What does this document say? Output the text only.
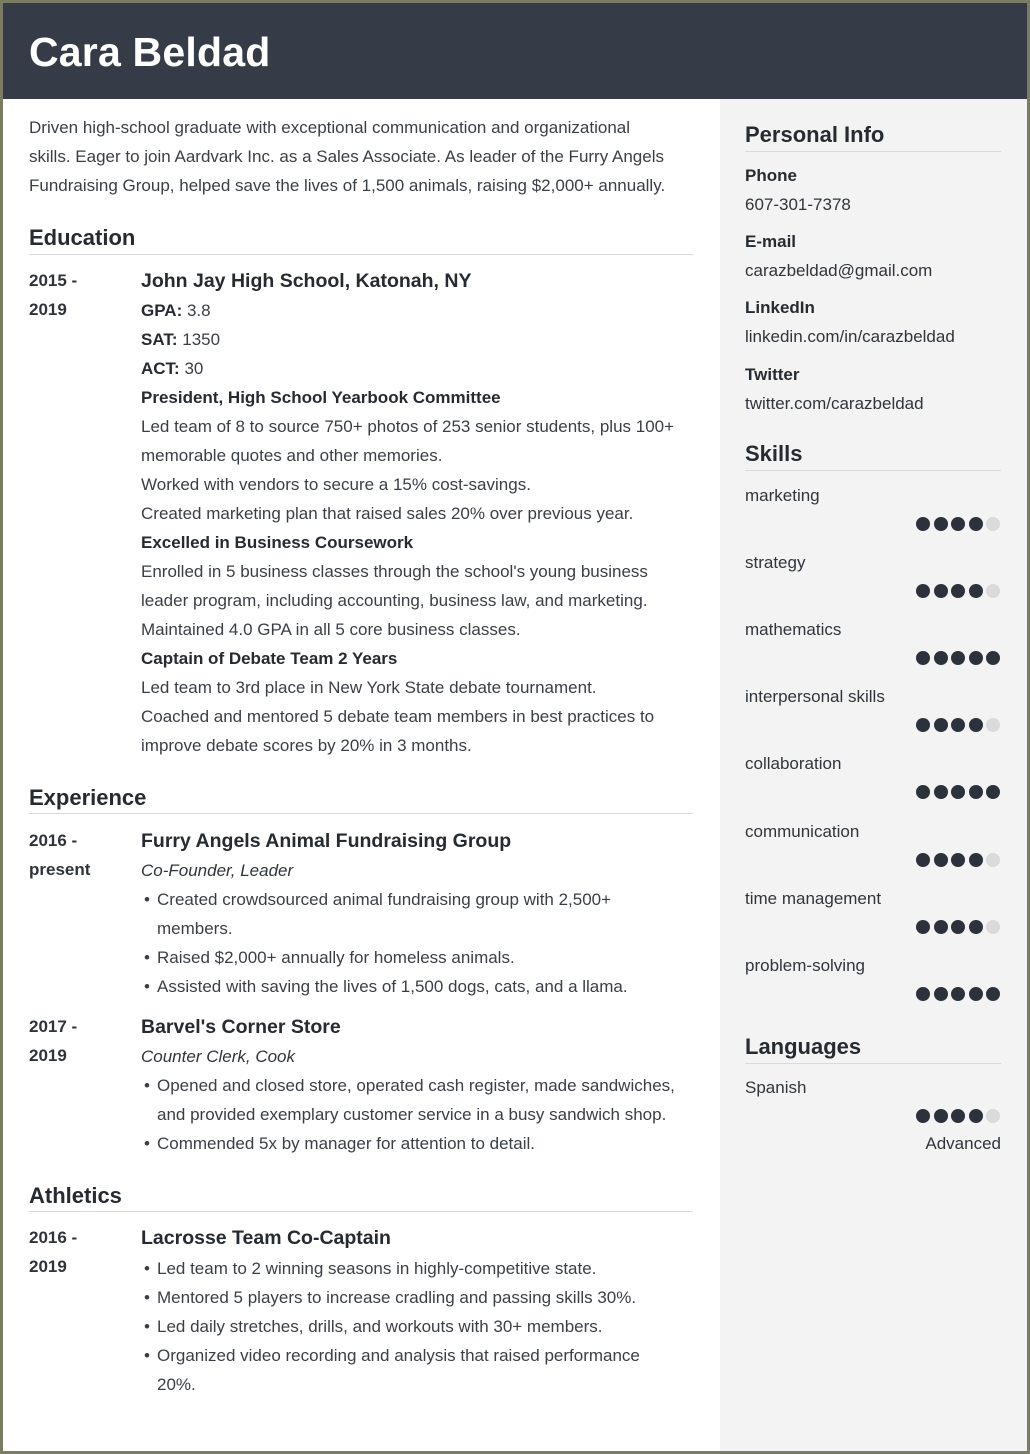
Cara Beldad
Driven high-school graduate with exceptional communication and organizational
skills. Eager to join Aardvark Inc. as a Sales Associate. As leader of the Furry Angels
Fundraising Group, helped save the lives of 1,500 animals, raising $2,000+ annually.
Education
2015 -
2019
John Jay High School, Katonah, NY
GPA: 3.8
SAT: 1350
ACT: 30
President, High School Yearbook Committee
Led team of 8 to source 750+ photos of 253 senior students, plus 100+
memorable quotes and other memories.
Worked with vendors to secure a 15% cost-savings.
Created marketing plan that raised sales 20% over previous year.
Excelled in Business Coursework
Enrolled in 5 business classes through the school's young business
leader program, including accounting, business law, and marketing.
Maintained 4.0 GPA in all 5 core business classes.
Captain of Debate Team 2 Years
Led team to 3rd place in New York State debate tournament.
Coached and mentored 5 debate team members in best practices to
improve debate scores by 20% in 3 months.
Experience
2016 -
present
Furry Angels Animal Fundraising Group
Co-Founder, Leader
• Created crowdsourced animal fundraising group with 2,500+
members.
• Raised $2,000+ annually for homeless animals.
• Assisted with saving the lives of 1,500 dogs, cats, and a llama.
2017 -
2019
Barvel's Corner Store
Counter Clerk, Cook
• Opened and closed store, operated cash register, made sandwiches,
and provided exemplary customer service in a busy sandwich shop.
• Commended 5x by manager for attention to detail.
Athletics
2016 -
2019
Lacrosse Team Co-Captain
• Led team to 2 winning seasons in highly-competitive state.
• Mentored 5 players to increase cradling and passing skills 30%.
• Led daily stretches, drills, and workouts with 30+ members.
• Organized video recording and analysis that raised performance
20%.
Personal Info
Phone
607-301-7378
E-mail
carazbeldad@gmail.com
LinkedIn
linkedin.com/in/carazbeldad
Twitter
twitter.com/carazbeldad
Skills
marketing
strategy
mathematics
interpersonal skills
collaboration
communication
time management
problem-solving
Languages
Spanish
Advanced
